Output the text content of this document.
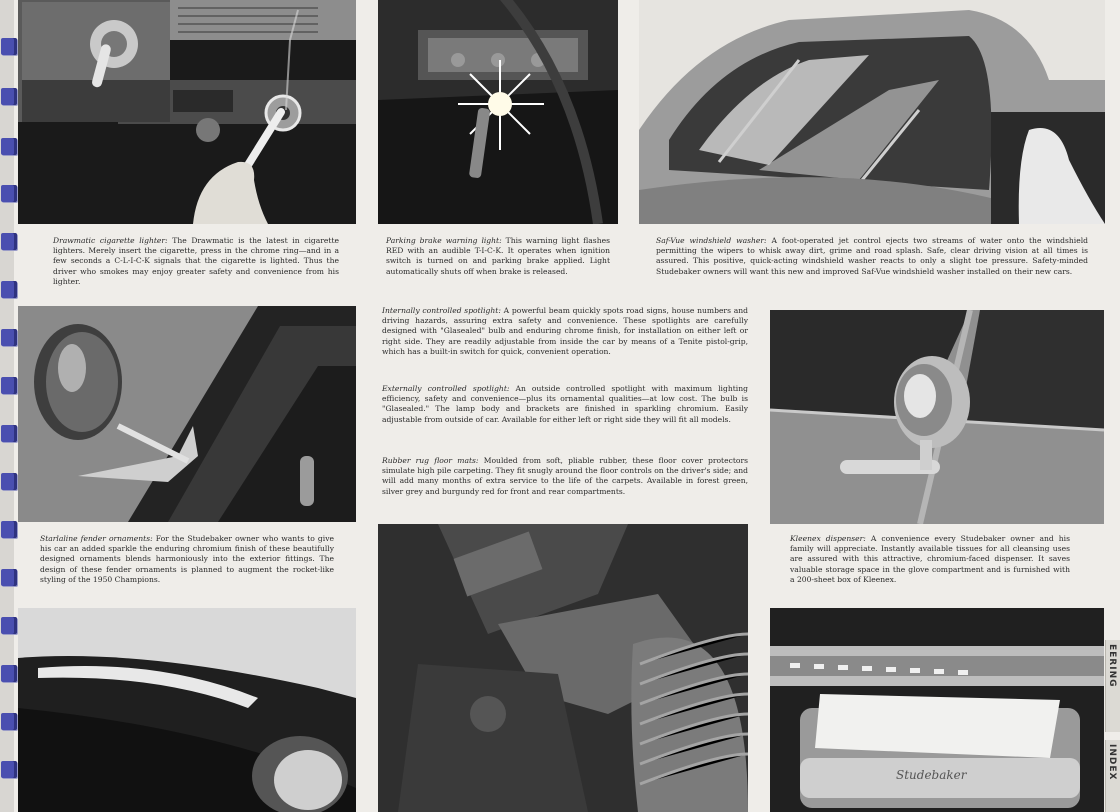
Drawmatic cigarette lighter: The Drawmatic is the latest in cigarette lighters. Merely insert the cigarette, press in the chrome ring—and in a few seconds a C-L-I-C-K signals that the cigarette is lighted. Thus the driver who smokes may enjoy greater safety and convenience from his lighter.

Parking brake warning light: This warning light flashes RED with an audible T-I-C-K. It operates when ignition switch is turned on and parking brake applied. Light automatically shuts off when brake is released.

Saf-Vue windshield washer: A foot-operated jet control ejects two streams of water onto the windshield permitting the wipers to whisk away dirt, grime and road splash. Safe, clear driving vision at all times is assured. This positive, quick-acting windshield washer reacts to only a slight toe pressure. Safety-minded Studebaker owners will want this new and improved Saf-Vue windshield washer installed on their new cars.

Internally controlled spotlight: A powerful beam quickly spots road signs, house numbers and driving hazards, assuring extra safety and convenience. These spotlights are carefully designed with "Glasealed" bulb and enduring chrome finish, for installation on either left or right side. They are readily adjustable from inside the car by means of a Tenite pistol-grip, which has a built-in switch for quick, convenient operation.

Externally controlled spotlight: An outside controlled spotlight with maximum lighting efficiency, safety and convenience—plus its ornamental qualities—at low cost. The bulb is "Glasealed." The lamp body and brackets are finished in sparkling chromium. Easily adjustable from outside of car. Available for either left or right side they will fit all models.

Rubber rug floor mats: Moulded from soft, pliable rubber, these floor cover protectors simulate high pile carpeting. They fit snugly around the floor controls on the driver's side; and will add many months of extra service to the life of the carpets. Available in forest green, silver grey and burgundy red for front and rear compartments.

Starlaline fender ornaments: For the Studebaker owner who wants to give his car an added sparkle the enduring chromium finish of these beautifully designed ornaments blends harmoniously into the exterior fittings. The design of these fender ornaments is planned to augment the rocket-like styling of the 1950 Champions.

Kleenex dispenser: A convenience every Studebaker owner and his family will appreciate. Instantly available tissues for all cleansing uses are assured with this attractive, chromium-faced dispenser. It saves valuable storage space in the glove compartment and is furnished with a 200-sheet box of Kleenex.

Studebaker
EERING
INDEX
